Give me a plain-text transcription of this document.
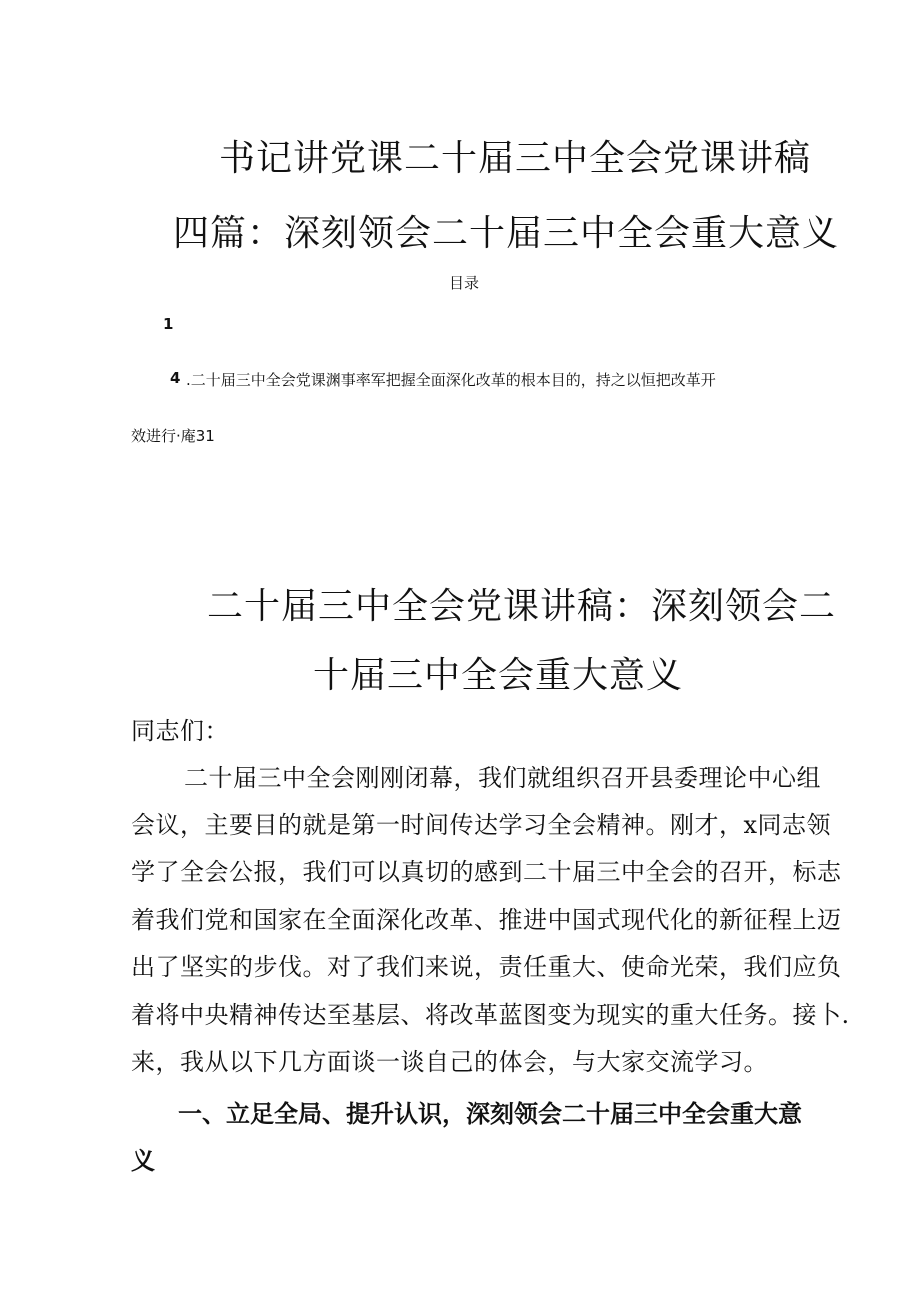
书记讲党课二十届三中全会党课讲稿
四篇：深刻领会二十届三中全会重大意义
目录
1
4 .二十届三中全会党课渊事率军把握全面深化改革的根本目的，持之以恒把改革开
效进行·庵31
二十届三中全会党课讲稿：深刻领会二
十届三中全会重大意义
同志们：
二十届三中全会刚刚闭幕，我们就组织召开县委理论中心组
会议，主要目的就是第一时间传达学习全会精神。刚才，x同志领
学了全会公报，我们可以真切的感到二十届三中全会的召开，标志
着我们党和国家在全面深化改革、推进中国式现代化的新征程上迈
出了坚实的步伐。对了我们来说，责任重大、使命光荣，我们应负
着将中央精神传达至基层、将改革蓝图变为现实的重大任务。接卜.
来，我从以下几方面谈一谈自己的体会，与大家交流学习。
一、立足全局、提升认识，深刻领会二十届三中全会重大意
义
